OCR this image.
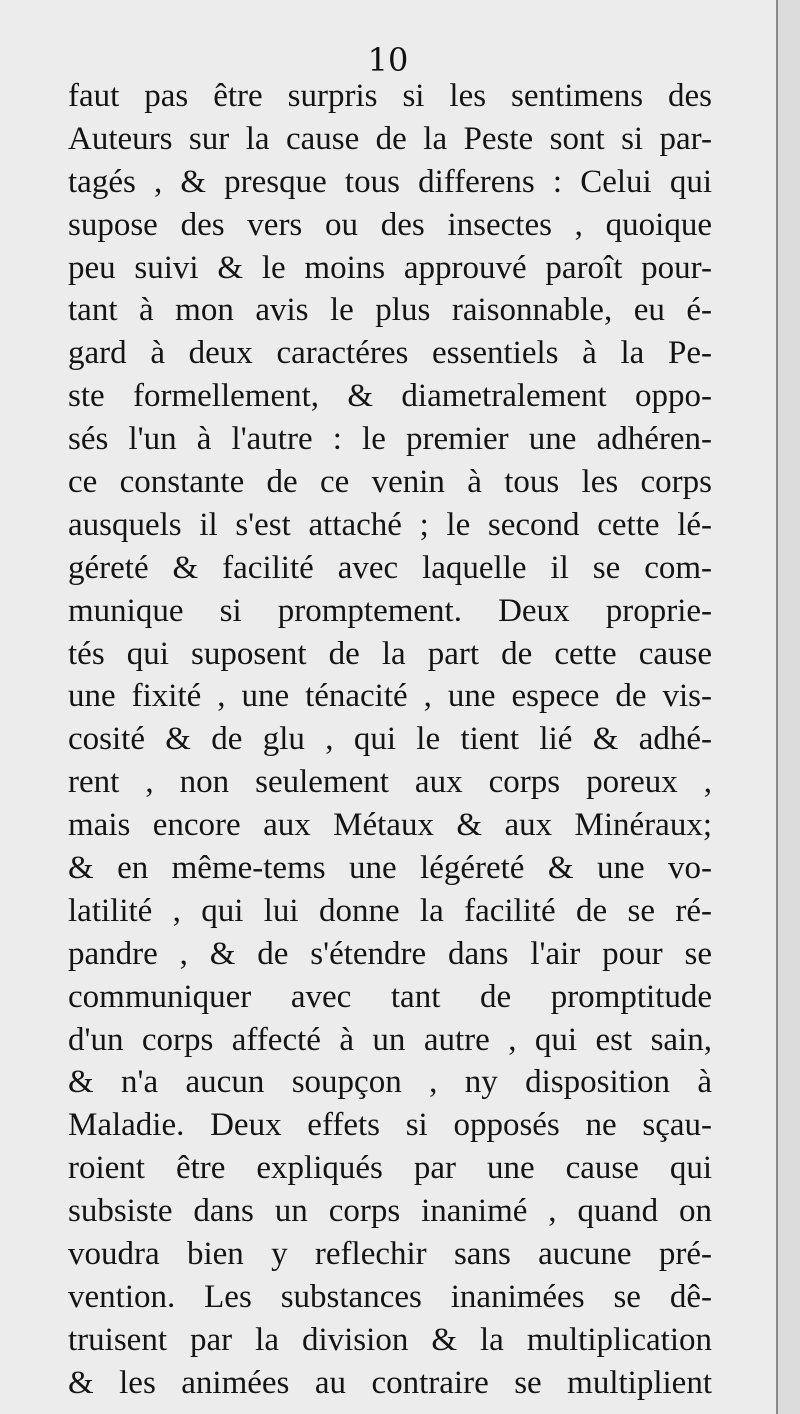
10
faut pas être surpris si les sentimens des
Auteurs sur la cause de la Peste sont si par-
tagés , & presque tous differens : Celui qui
supose des vers ou des insectes , quoique
peu suivi & le moins approuvé paroît pour-
tant à mon avis le plus raisonnable, eu é-
gard à deux caractéres essentiels à la Pe-
ste formellement, & diametralement oppo-
sés l'un à l'autre : le premier une adhéren-
ce constante de ce venin à tous les corps
ausquels il s'est attaché ; le second cette lé-
géreté & facilité avec laquelle il se com-
munique si promptement. Deux proprie-
tés qui suposent de la part de cette cause
une fixité , une ténacité , une espece de vis-
cosité & de glu , qui le tient lié & adhé-
rent , non seulement aux corps poreux ,
mais encore aux Métaux & aux Minéraux;
& en même-tems une légéreté & une vo-
latilité , qui lui donne la facilité de se ré-
pandre , & de s'étendre dans l'air pour se
communiquer avec tant de promptitude
d'un corps affecté à un autre , qui est sain,
& n'a aucun soupçon , ny disposition à
Maladie. Deux effets si opposés ne sçau-
roient être expliqués par une cause qui
subsiste dans un corps inanimé , quand on
voudra bien y reflechir sans aucune pré-
vention. Les substances inanimées se dê-
truisent par la division & la multiplication
& les animées au contraire se multiplient
